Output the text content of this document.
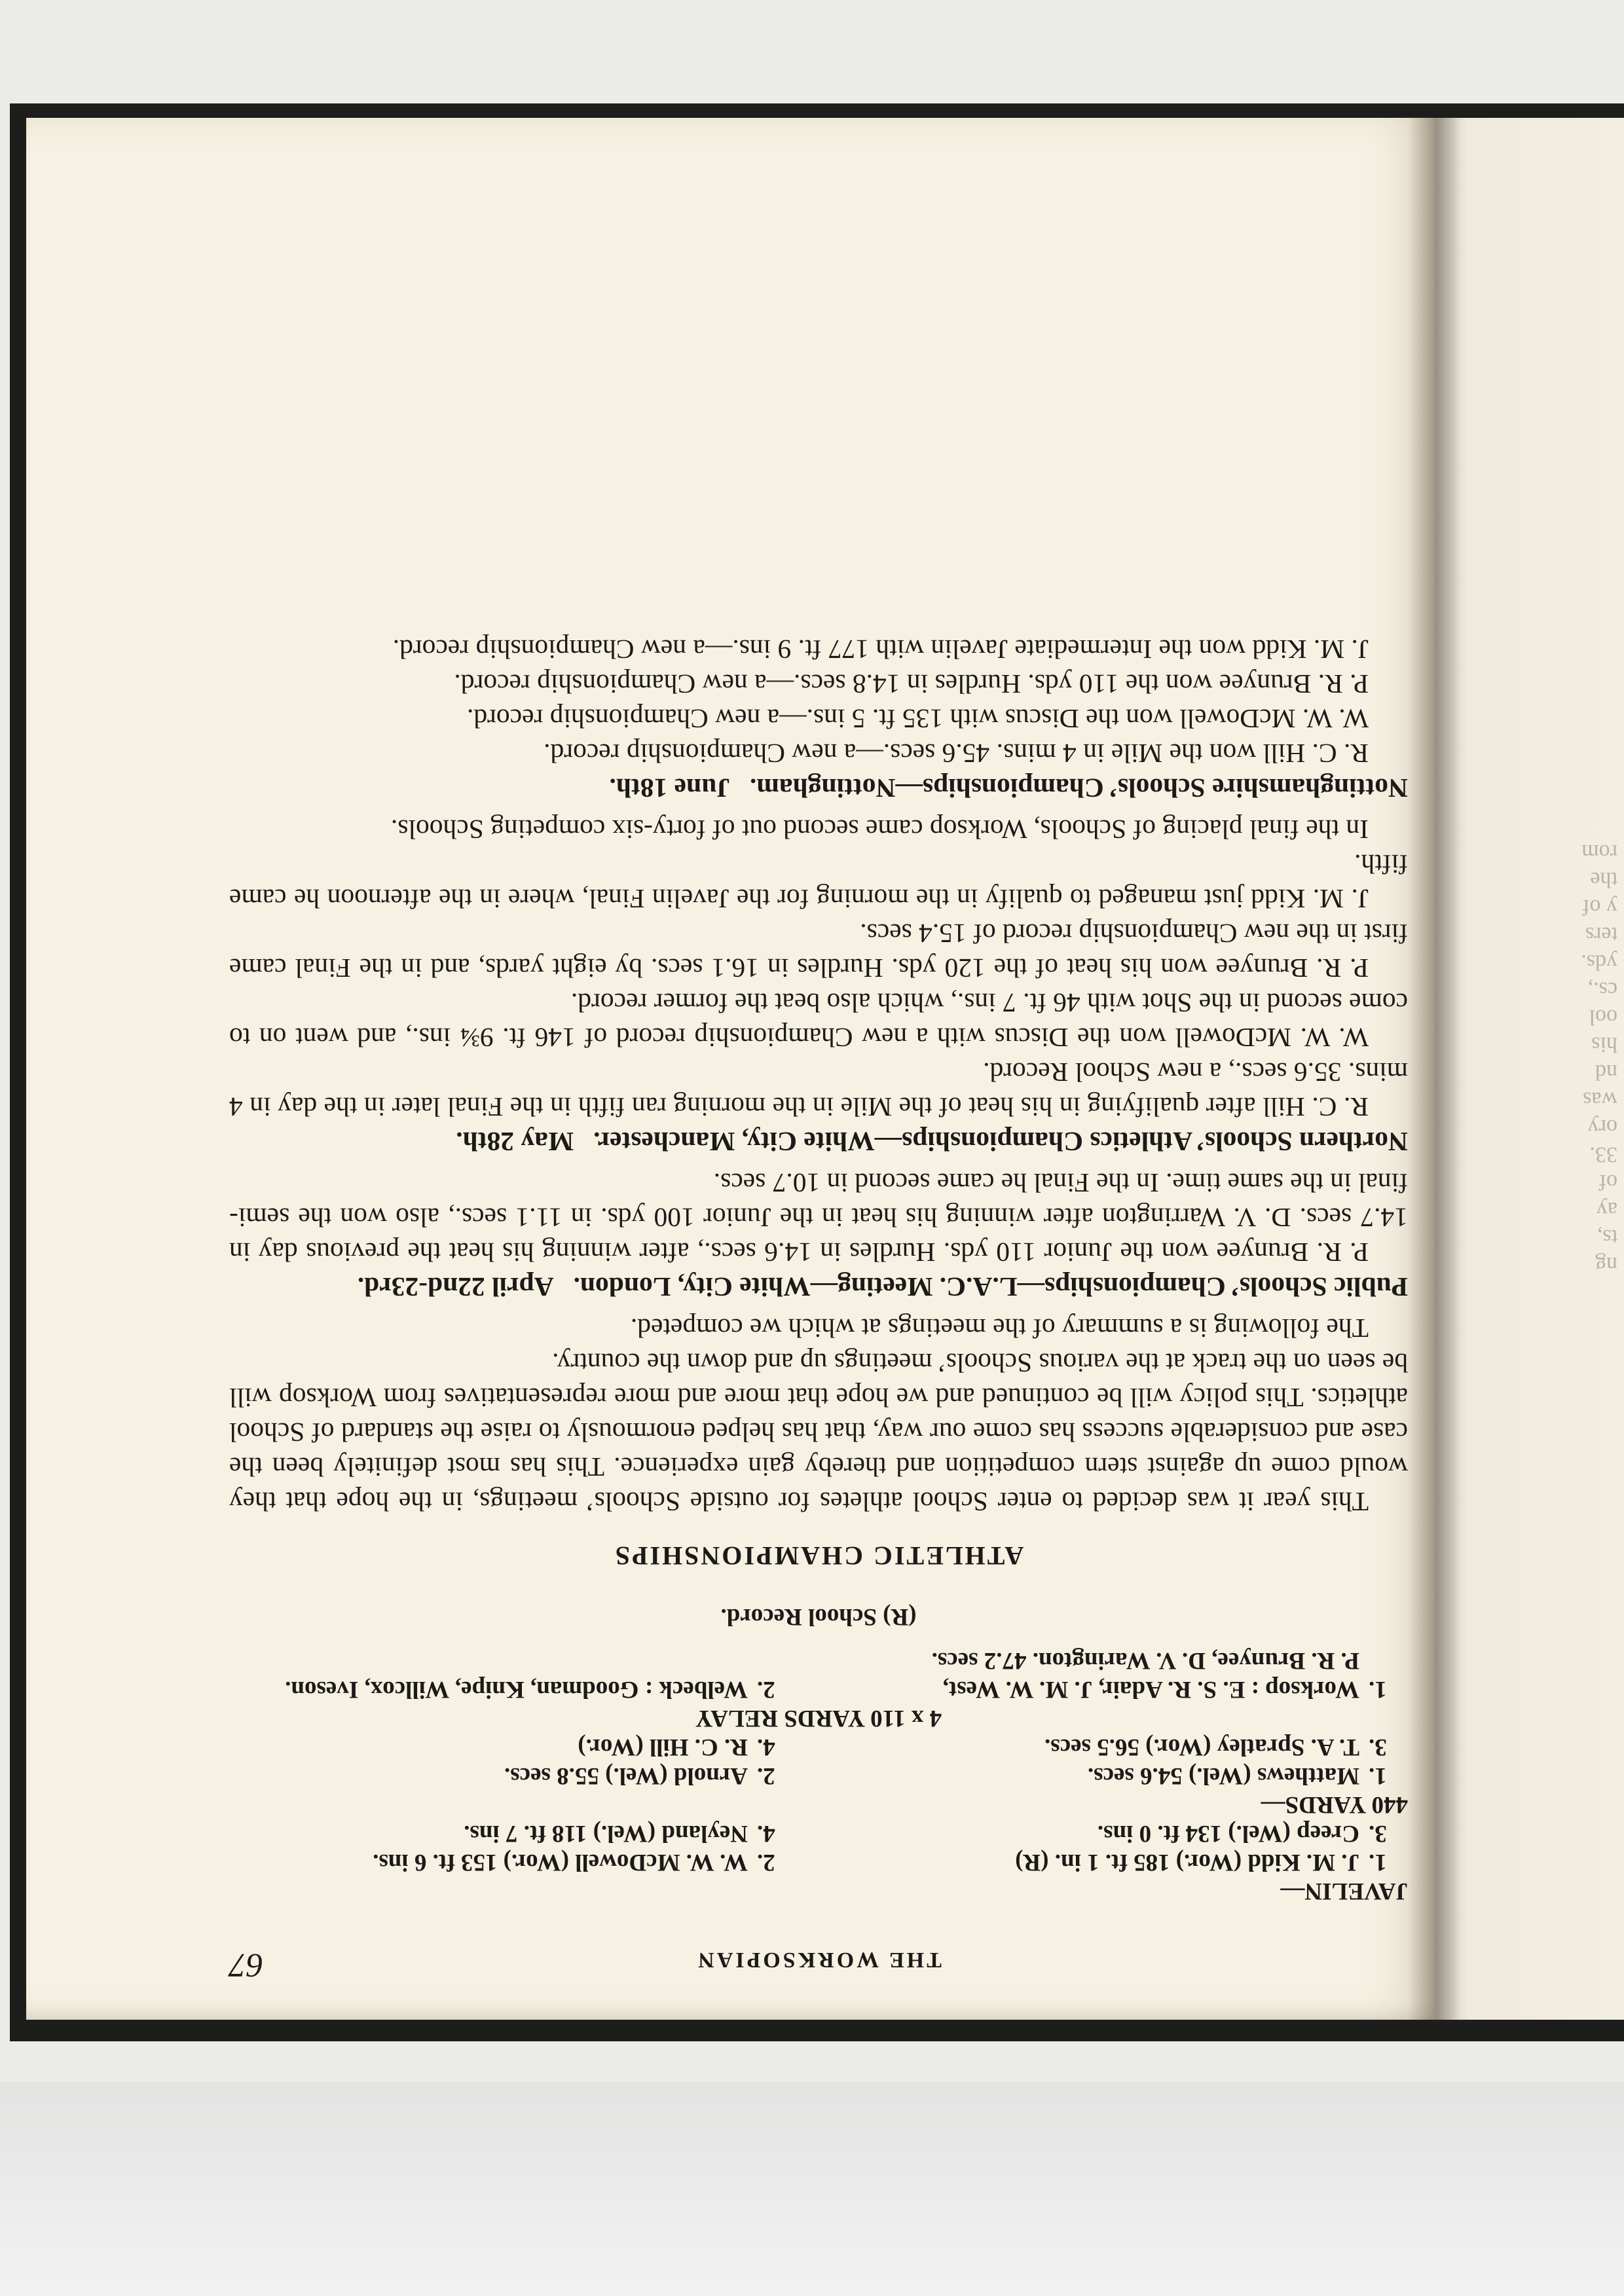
ng
ts,
ay
of
33.
ory
was
nd
his
ool
cs.,
yds.
ters
y of
the
rom
THE WORKSOPIAN
67
JAVELIN—
1.	J. M. Kidd (Wor.) 185 ft. 1 in. (R)	2.	W. W. McDowell (Wor.) 153 ft. 6 ins.
3.	Creep (Wel.) 134 ft. 0 ins.	4.	Neyland (Wel.) 118 ft. 7 ins.
440 YARDS—
1.	Matthews (Wel.) 54.6 secs.	2.	Arnold (Wel.) 55.8 secs.
3.	T. A. Spratley (Wor.) 56.5 secs.	4.	R. C. Hill (Wor.)
4 x 110 YARDS RELAY
1.	Worksop : E. S. R. Adair, J. M. W. West,	2.	Welbeck : Goodman, Knipe, Willcox, Iveson.
	P. R. Brunyee, D. V. Warington. 47.2 secs.		
(R) School Record.
ATHLETIC CHAMPIONSHIPS

This year it was decided to enter School athletes for outside Schools’ meetings, in the hope that they would come up against stern competition and thereby gain experience. This has most definitely been the case and considerable success has come our way, that has helped enormously to raise the standard of School athletics. This policy will be continued and we hope that more and more representatives from Worksop will be seen on the track at the various Schools’ meetings up and down the country.

The following is a summary of the meetings at which we competed.

Public Schools’ Championships—L.A.C. Meeting—White City, London.April 22nd-23rd.

P. R. Brunyee won the Junior 110 yds. Hurdles in 14.6 secs., after winning his heat the previous day in 14.7 secs. D. V. Warrington after winning his heat in the Junior 100 yds. in 11.1 secs., also won the semi-final in the same time. In the Final he came second in 10.7 secs.

Northern Schools’ Athletics Championships—White City, Manchester.May 28th.

R. C. Hill after qualifying in his heat of the Mile in the morning ran fifth in the Final later in the day in 4 mins. 35.6 secs., a new School Record.

W. W. McDowell won the Discus with a new Championship record of 146 ft. 9¾ ins., and went on to come second in the Shot with 46 ft. 7 ins., which also beat the former record.

P. R. Brunyee won his heat of the 120 yds. Hurdles in 16.1 secs. by eight yards, and in the Final came first in the new Championship record of 15.4 secs.

J. M. Kidd just managed to qualify in the morning for the Javelin Final, where in the afternoon he came fifth.

In the final placing of Schools, Worksop came second out of forty-six competing Schools.

Nottinghamshire Schools’ Championships—Nottingham.June 18th.

R. C. Hill won the Mile in 4 mins. 45.6 secs.—a new Championship record.

W. W. McDowell won the Discus with 135 ft. 5 ins.—a new Championship record.

P. R. Brunyee won the 110 yds. Hurdles in 14.8 secs.—a new Championship record.

J. M. Kidd won the Intermediate Javelin with 177 ft. 9 ins.—a new Championship record.
